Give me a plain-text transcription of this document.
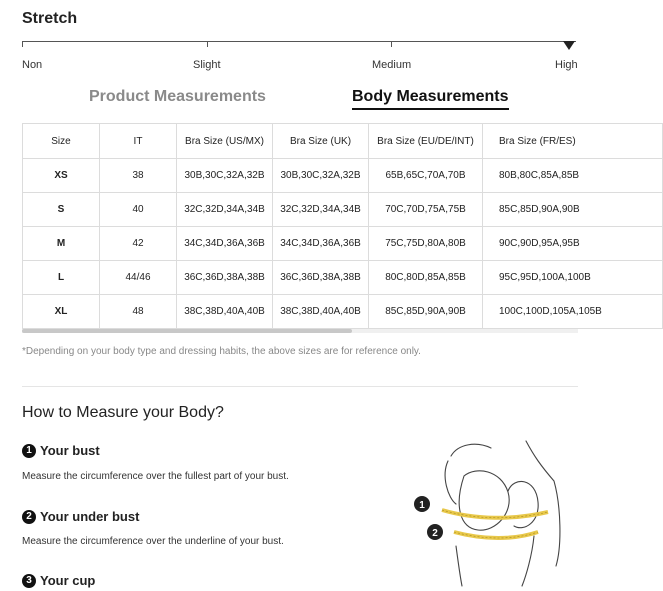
Stretch
Non	Slight	Medium	High
Product Measurements	Body Measurements
Size	IT	Bra Size (US/MX)	Bra Size (UK)	Bra Size (EU/DE/INT)	Bra Size (FR/ES)
XS	38	30B,30C,32A,32B	30B,30C,32A,32B	65B,65C,70A,70B	80B,80C,85A,85B
S	40	32C,32D,34A,34B	32C,32D,34A,34B	70C,70D,75A,75B	85C,85D,90A,90B
M	42	34C,34D,36A,36B	34C,34D,36A,36B	75C,75D,80A,80B	90C,90D,95A,95B
L	44/46	36C,36D,38A,38B	36C,36D,38A,38B	80C,80D,85A,85B	95C,95D,100A,100B
XL	48	38C,38D,40A,40B	38C,38D,40A,40B	85C,85D,90A,90B	100C,100D,105A,105B
*Depending on your body type and dressing habits, the above sizes are for reference only.
How to Measure your Body?
1 Your bust
Measure the circumference over the fullest part of your bust.
2 Your under bust
Measure the circumference over the underline of your bust.
3 Your cup
1
2
